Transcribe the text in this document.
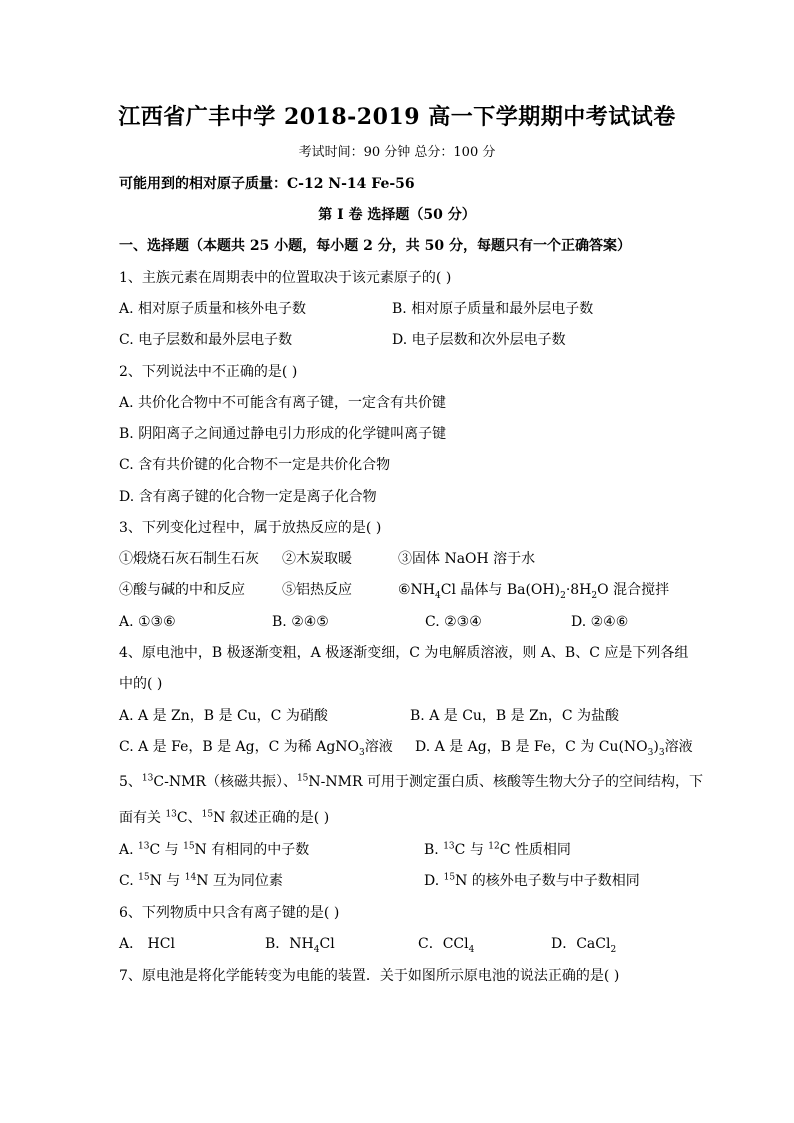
江西省广丰中学 2018-2019 高一下学期期中考试试卷
考试时间：90 分钟 总分：100 分
可能用到的相对原子质量：C-12 N-14 Fe-56
第 I 卷 选择题（50 分）
一、选择题（本题共 25 小题，每小题 2 分，共 50 分，每题只有一个正确答案）
1、主族元素在周期表中的位置取决于该元素原子的( )
A. 相对原子质量和核外电子数	B. 相对原子质量和最外层电子数
C. 电子层数和最外层电子数	D. 电子层数和次外层电子数
2、下列说法中不正确的是( )
A. 共价化合物中不可能含有离子键，一定含有共价键
B. 阴阳离子之间通过静电引力形成的化学键叫离子键
C. 含有共价键的化合物不一定是共价化合物
D. 含有离子键的化合物一定是离子化合物
3、下列变化过程中，属于放热反应的是( )
①煅烧石灰石制生石灰 ②木炭取暖	③固体 NaOH 溶于水
④酸与碱的中和反应	⑤铝热反应	$⑥NH_4Cl$ 晶体与 $Ba(OH)_2\cdot 8H_2O$ 混合搅拌
A. ①③⑥	B. ②④⑤	C. ②③④	D. ②④⑥
4、原电池中，B 极逐渐变粗，A 极逐渐变细，C 为电解质溶液，则 A、B、C 应是下列各组
中的( )
A. A 是 Zn，B 是 Cu，C 为硝酸	B. A 是 Cu，B 是 Zn，C 为盐酸
C. A 是 Fe，B 是 Ag，C 为稀 AgNO$_3$溶液 D. A 是 Ag，B 是 Fe，C 为 $Cu(NO_3)_3$溶液
5、$^{13}$C-NMR（核磁共振）、$^{15}$N-NMR 可用于测定蛋白质、核酸等生物大分子的空间结构，下
面有关 $^{13}$C、$^{15}$N 叙述正确的是( )
A. $^{13}$C 与 $^{15}$N 有相同的中子数	B. $^{13}$C 与 $^{12}$C 性质相同
C. $^{15}$N 与 $^{14}$N 互为同位素	D. $^{15}$N 的核外电子数与中子数相同
6、下列物质中只含有离子键的是( )
A． HCl	B．$NH_4Cl$	C．CCl$_4$	D．CaCl$_2$
7、原电池是将化学能转变为电能的装置．关于如图所示原电池的说法正确的是( )
